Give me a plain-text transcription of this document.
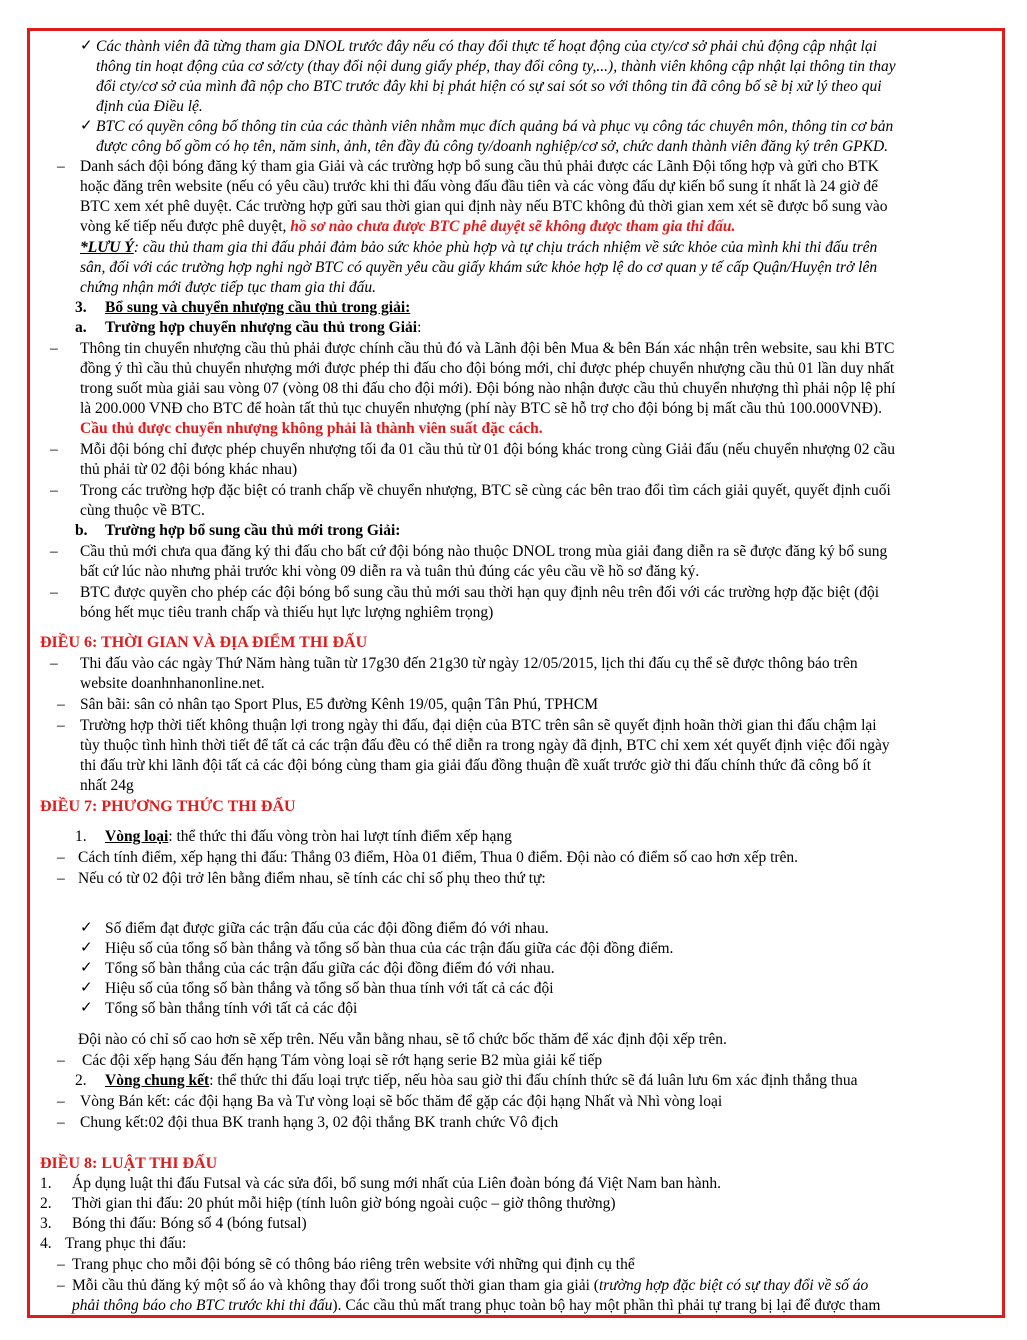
✓ Các thành viên đã từng tham gia DNOL trước đây nếu có thay đổi thực tế hoạt động của cty/cơ sở phải chủ động cập nhật lại
thông tin hoạt động của cơ sở/cty (thay đổi nội dung giấy phép, thay đổi công ty,...), thành viên không cập nhật lại thông tin thay
đổi cty/cơ sở của mình đã nộp cho BTC trước đây khi bị phát hiện có sự sai sót so với thông tin đã công bố sẽ bị xử lý theo qui
định của Điều lệ.
✓ BTC có quyền công bố thông tin của các thành viên nhằm mục đích quảng bá và phục vụ công tác chuyên môn, thông tin cơ bản
được công bố gồm có họ tên, năm sinh, ảnh, tên đầy đủ công ty/doanh nghiệp/cơ sở, chức danh thành viên đăng ký trên GPKD.
– Danh sách đội bóng đăng ký tham gia Giải và các trường hợp bổ sung cầu thủ phải được các Lãnh Đội tổng hợp và gửi cho BTK
hoặc đăng trên website (nếu có yêu cầu) trước khi thi đấu vòng đấu đầu tiên và các vòng đấu dự kiến bổ sung ít nhất là 24 giờ để
BTC xem xét phê duyệt. Các trường hợp gửi sau thời gian qui định này nếu BTC không đủ thời gian xem xét sẽ được bổ sung vào
vòng kế tiếp nếu được phê duyệt, hồ sơ nào chưa được BTC phê duyệt sẽ không được tham gia thi đấu.
*LƯU Ý: cầu thủ tham gia thi đấu phải đảm bảo sức khỏe phù hợp và tự chịu trách nhiệm về sức khỏe của mình khi thi đấu trên
sân, đối với các trường hợp nghi ngờ BTC có quyền yêu cầu giấy khám sức khỏe hợp lệ do cơ quan y tế cấp Quận/Huyện trở lên
chứng nhận mới được tiếp tục tham gia thi đấu.
3. Bổ sung và chuyển nhượng cầu thủ trong giải:
a. Trường hợp chuyển nhượng cầu thủ trong Giải:
– Thông tin chuyển nhượng cầu thủ phải được chính cầu thủ đó và Lãnh đội bên Mua & bên Bán xác nhận trên website, sau khi BTC
đồng ý thì cầu thủ chuyển nhượng mới được phép thi đấu cho đội bóng mới, chỉ được phép chuyển nhượng cầu thủ 01 lần duy nhất
trong suốt mùa giải sau vòng 07 (vòng 08 thi đấu cho đội mới). Đội bóng nào nhận được cầu thủ chuyển nhượng thì phải nộp lệ phí
là 200.000 VNĐ cho BTC để hoàn tất thủ tục chuyển nhượng (phí này BTC sẽ hỗ trợ cho đội bóng bị mất cầu thủ 100.000VNĐ).
Cầu thủ được chuyển nhượng không phải là thành viên suất đặc cách.
– Mỗi đội bóng chỉ được phép chuyển nhượng tối đa 01 cầu thủ từ 01 đội bóng khác trong cùng Giải đấu (nếu chuyển nhượng 02 cầu
thủ phải từ 02 đội bóng khác nhau)
– Trong các trường hợp đặc biệt có tranh chấp về chuyển nhượng, BTC sẽ cùng các bên trao đổi tìm cách giải quyết, quyết định cuối
cùng thuộc về BTC.
b. Trường hợp bổ sung cầu thủ mới trong Giải:
– Cầu thủ mới chưa qua đăng ký thi đấu cho bất cứ đội bóng nào thuộc DNOL trong mùa giải đang diễn ra sẽ được đăng ký bổ sung
bất cứ lúc nào nhưng phải trước khi vòng 09 diễn ra và tuân thủ đúng các yêu cầu về hồ sơ đăng ký.
– BTC được quyền cho phép các đội bóng bổ sung cầu thủ mới sau thời hạn quy định nêu trên đối với các trường hợp đặc biệt (đội
bóng hết mục tiêu tranh chấp và thiếu hụt lực lượng nghiêm trọng)
ĐIỀU 6: THỜI GIAN VÀ ĐỊA ĐIỂM THI ĐẤU
– Thi đấu vào các ngày Thứ Năm hàng tuần từ 17g30 đến 21g30 từ ngày 12/05/2015, lịch thi đấu cụ thể sẽ được thông báo trên
website doanhnhanonline.net.
– Sân bãi: sân cỏ nhân tạo Sport Plus, E5 đường Kênh 19/05, quận Tân Phú, TPHCM
– Trường hợp thời tiết không thuận lợi trong ngày thi đấu, đại diện của BTC trên sân sẽ quyết định hoãn thời gian thi đấu chậm lại
tùy thuộc tình hình thời tiết để tất cả các trận đấu đều có thể diễn ra trong ngày đã định, BTC chỉ xem xét quyết định việc đổi ngày
thi đấu trừ khi lãnh đội tất cả các đội bóng cùng tham gia giải đấu đồng thuận đề xuất trước giờ thi đấu chính thức đã công bố ít
nhất 24g
ĐIỀU 7: PHƯƠNG THỨC THI ĐẤU
1. Vòng loại: thể thức thi đấu vòng tròn hai lượt tính điểm xếp hạng
– Cách tính điểm, xếp hạng thi đấu: Thắng 03 điểm, Hòa 01 điểm, Thua 0 điểm. Đội nào có điểm số cao hơn xếp trên.
– Nếu có từ 02 đội trở lên bằng điểm nhau, sẽ tính các chỉ số phụ theo thứ tự:
✓ Số điểm đạt được giữa các trận đấu của các đội đồng điểm đó với nhau.
✓ Hiệu số của tổng số bàn thắng và tổng số bàn thua của các trận đấu giữa các đội đồng điểm.
✓ Tổng số bàn thắng của các trận đấu giữa các đội đồng điểm đó với nhau.
✓ Hiệu số của tổng số bàn thắng và tổng số bàn thua tính với tất cả các đội
✓ Tổng số bàn thắng tính với tất cả các đội
Đội nào có chỉ số cao hơn sẽ xếp trên. Nếu vẫn bằng nhau, sẽ tổ chức bốc thăm để xác định đội xếp trên.
– Các đội xếp hạng Sáu đến hạng Tám vòng loại sẽ rớt hạng serie B2 mùa giải kế tiếp
2. Vòng chung kết: thể thức thi đấu loại trực tiếp, nếu hòa sau giờ thi đấu chính thức sẽ đá luân lưu 6m xác định thắng thua
– Vòng Bán kết: các đội hạng Ba và Tư vòng loại sẽ bốc thăm để gặp các đội hạng Nhất và Nhì vòng loại
– Chung kết:02 đội thua BK tranh hạng 3, 02 đội thắng BK tranh chức Vô địch
ĐIỀU 8: LUẬT THI ĐẤU
1. Áp dụng luật thi đấu Futsal và các sửa đổi, bổ sung mới nhất của Liên đoàn bóng đá Việt Nam ban hành.
2. Thời gian thi đấu: 20 phút mỗi hiệp (tính luôn giờ bóng ngoài cuộc – giờ thông thường)
3. Bóng thi đấu: Bóng số 4 (bóng futsal)
4. Trang phục thi đấu:
– Trang phục cho mỗi đội bóng sẽ có thông báo riêng trên website với những qui định cụ thể
– Mỗi cầu thủ đăng ký một số áo và không thay đổi trong suốt thời gian tham gia giải (trường hợp đặc biệt có sự thay đổi về số áo
phải thông báo cho BTC trước khi thi đấu). Các cầu thủ mất trang phục toàn bộ hay một phần thì phải tự trang bị lại để được tham
